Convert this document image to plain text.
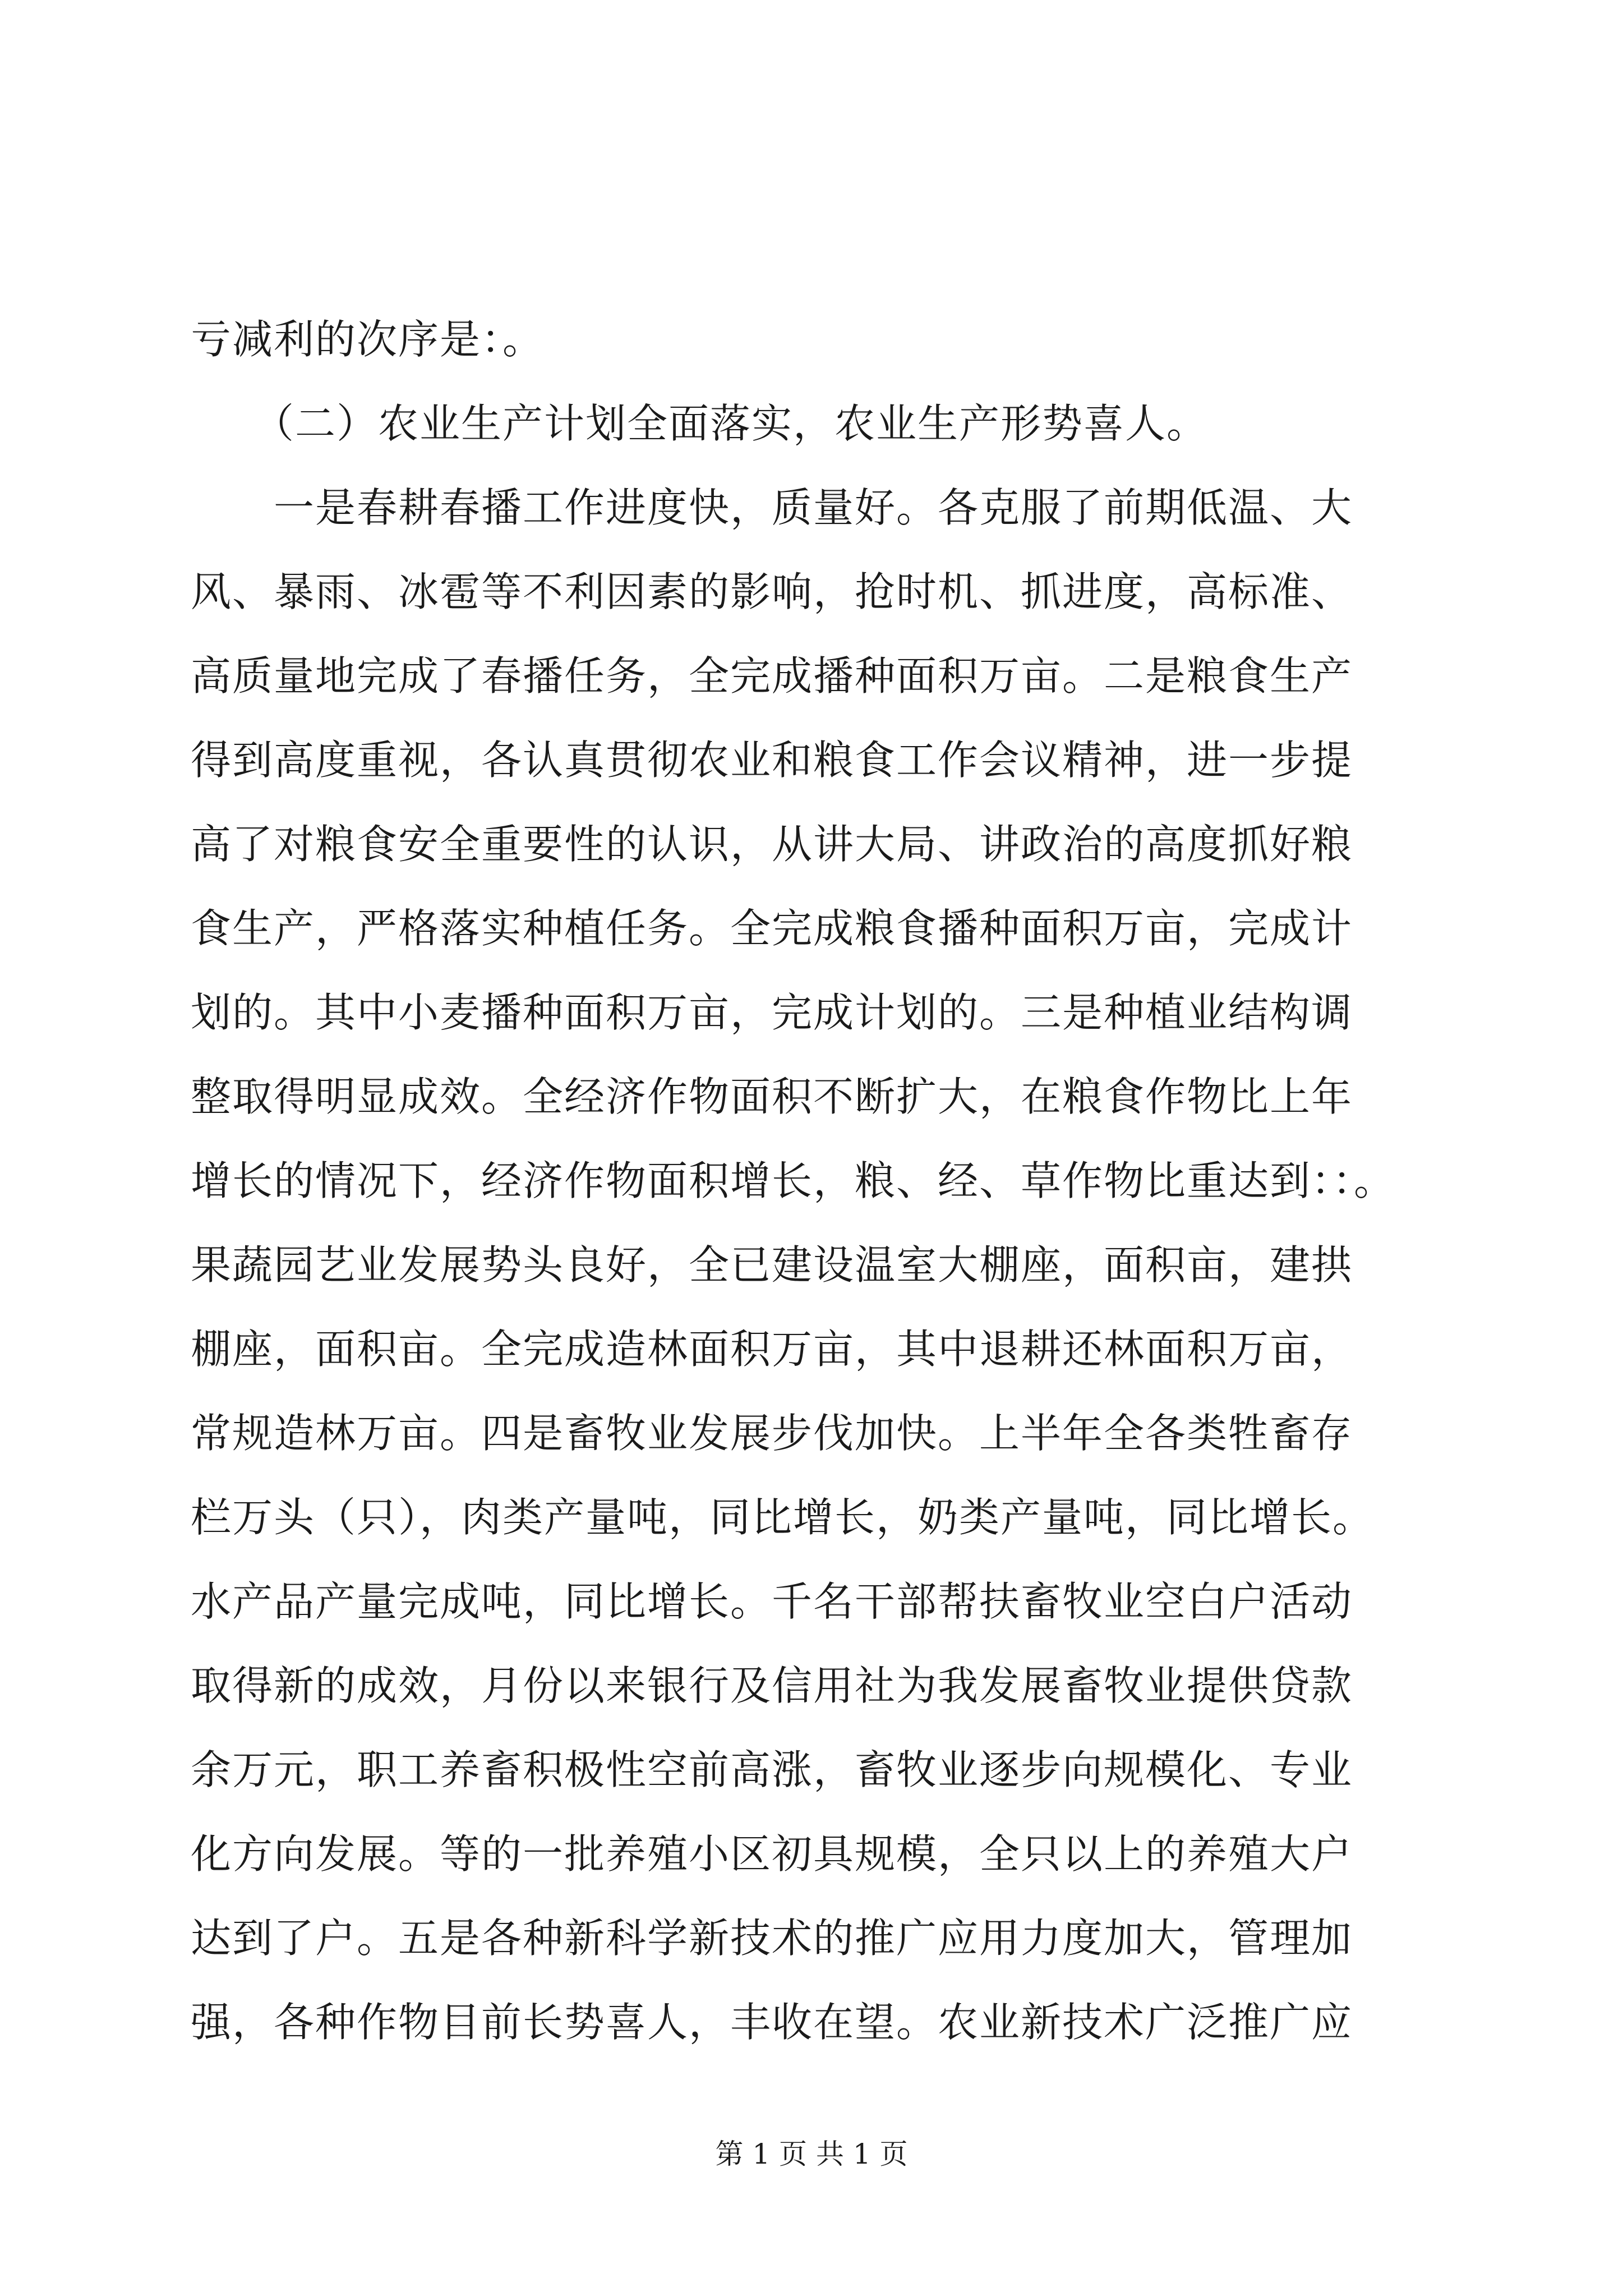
亏减利的次序是：。
　　（二）农业生产计划全面落实，农业生产形势喜人。
　　一是春耕春播工作进度快，质量好。各克服了前期低温、大
风、暴雨、冰雹等不利因素的影响，抢时机、抓进度，高标准、
高质量地完成了春播任务，全完成播种面积万亩。二是粮食生产
得到高度重视，各认真贯彻农业和粮食工作会议精神，进一步提
高了对粮食安全重要性的认识，从讲大局、讲政治的高度抓好粮
食生产，严格落实种植任务。全完成粮食播种面积万亩，完成计
划的。其中小麦播种面积万亩，完成计划的。三是种植业结构调
整取得明显成效。全经济作物面积不断扩大，在粮食作物比上年
增长的情况下，经济作物面积增长，粮、经、草作物比重达到：：。
果蔬园艺业发展势头良好，全已建设温室大棚座，面积亩，建拱
棚座，面积亩。全完成造林面积万亩，其中退耕还林面积万亩，
常规造林万亩。四是畜牧业发展步伐加快。上半年全各类牲畜存
栏万头（只），肉类产量吨，同比增长，奶类产量吨，同比增长。
水产品产量完成吨，同比增长。千名干部帮扶畜牧业空白户活动
取得新的成效，月份以来银行及信用社为我发展畜牧业提供贷款
余万元，职工养畜积极性空前高涨，畜牧业逐步向规模化、专业
化方向发展。等的一批养殖小区初具规模，全只以上的养殖大户
达到了户。五是各种新科学新技术的推广应用力度加大，管理加
强，各种作物目前长势喜人，丰收在望。农业新技术广泛推广应
第 1 页 共 1 页
